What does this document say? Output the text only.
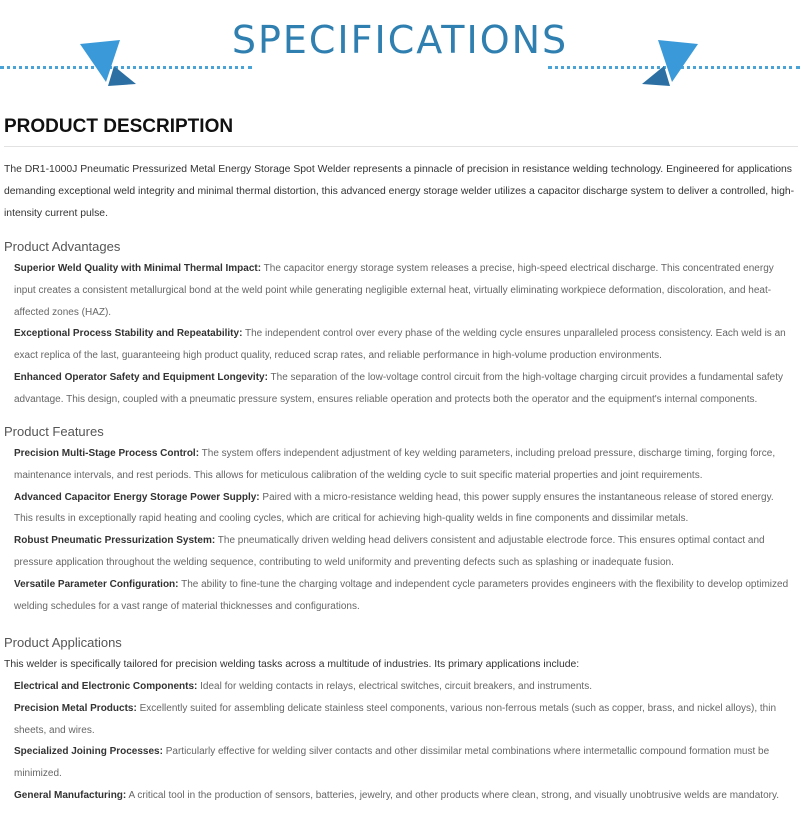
SPECIFICATIONS
PRODUCT DESCRIPTION
The DR1-1000J Pneumatic Pressurized Metal Energy Storage Spot Welder represents a pinnacle of precision in resistance welding technology. Engineered for applications demanding exceptional weld integrity and minimal thermal distortion, this advanced energy storage welder utilizes a capacitor discharge system to deliver a controlled, high-intensity current pulse.
Product Advantages
Superior Weld Quality with Minimal Thermal Impact: The capacitor energy storage system releases a precise, high-speed electrical discharge. This concentrated energy input creates a consistent metallurgical bond at the weld point while generating negligible external heat, virtually eliminating workpiece deformation, discoloration, and heat-affected zones (HAZ).
Exceptional Process Stability and Repeatability: The independent control over every phase of the welding cycle ensures unparalleled process consistency. Each weld is an exact replica of the last, guaranteeing high product quality, reduced scrap rates, and reliable performance in high-volume production environments.
Enhanced Operator Safety and Equipment Longevity: The separation of the low-voltage control circuit from the high-voltage charging circuit provides a fundamental safety advantage. This design, coupled with a pneumatic pressure system, ensures reliable operation and protects both the operator and the equipment's internal components.
Product Features
Precision Multi-Stage Process Control: The system offers independent adjustment of key welding parameters, including preload pressure, discharge timing, forging force, maintenance intervals, and rest periods. This allows for meticulous calibration of the welding cycle to suit specific material properties and joint requirements.
Advanced Capacitor Energy Storage Power Supply: Paired with a micro-resistance welding head, this power supply ensures the instantaneous release of stored energy. This results in exceptionally rapid heating and cooling cycles, which are critical for achieving high-quality welds in fine components and dissimilar metals.
Robust Pneumatic Pressurization System: The pneumatically driven welding head delivers consistent and adjustable electrode force. This ensures optimal contact and pressure application throughout the welding sequence, contributing to weld uniformity and preventing defects such as splashing or inadequate fusion.
Versatile Parameter Configuration: The ability to fine-tune the charging voltage and independent cycle parameters provides engineers with the flexibility to develop optimized welding schedules for a vast range of material thicknesses and configurations.
Product Applications
This welder is specifically tailored for precision welding tasks across a multitude of industries. Its primary applications include:
Electrical and Electronic Components: Ideal for welding contacts in relays, electrical switches, circuit breakers, and instruments.
Precision Metal Products: Excellently suited for assembling delicate stainless steel components, various non-ferrous metals (such as copper, brass, and nickel alloys), thin sheets, and wires.
Specialized Joining Processes: Particularly effective for welding silver contacts and other dissimilar metal combinations where intermetallic compound formation must be minimized.
General Manufacturing: A critical tool in the production of sensors, batteries, jewelry, and other products where clean, strong, and visually unobtrusive welds are mandatory.
